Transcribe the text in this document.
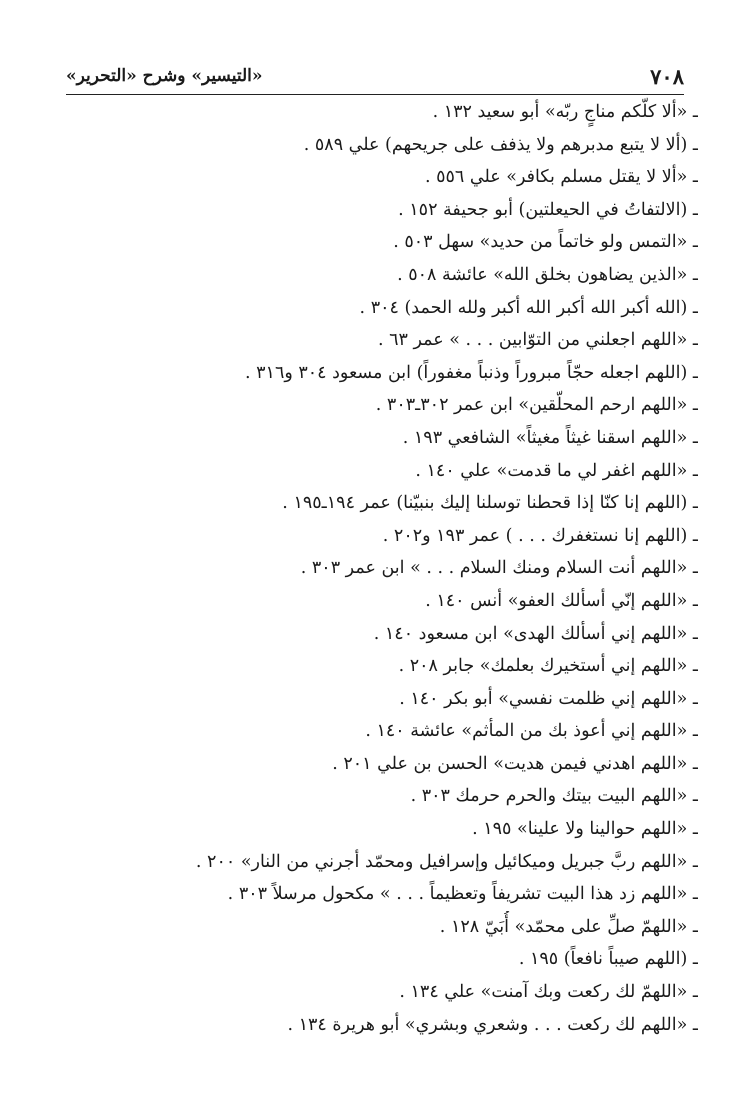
«التيسير» وشرح «التحرير»	٧٠٨
ـ «ألا كلّكم مناجٍ ربّه» أبو سعيد ١٣٢ .
ـ (ألا لا يتبع مدبرهم ولا يذفف على جريحهم) علي ٥٨٩ .
ـ «ألا لا يقتل مسلم بكافر» علي ٥٥٦ .
ـ (الالتفاتُ في الحيعلتين) أبو جحيفة ١٥٢ .
ـ «التمس ولو خاتماً من حديد» سهل ٥٠٣ .
ـ «الذين يضاهون بخلق الله» عائشة ٥٠٨ .
ـ (الله أكبر الله أكبر الله أكبر ولله الحمد) ٣٠٤ .
ـ «اللهم اجعلني من التوّابين . . . » عمر ٦٣ .
ـ (اللهم اجعله حجّاً مبروراً وذنباً مغفوراً) ابن مسعود ٣٠٤ و٣١٦ .
ـ «اللهم ارحم المحلّقين» ابن عمر ٣٠٢ـ٣٠٣ .
ـ «اللهم اسقنا غيثاً مغيثاً» الشافعي ١٩٣ .
ـ «اللهم اغفر لي ما قدمت» علي ١٤٠ .
ـ (اللهم إنا كنّا إذا قحطنا توسلنا إليك بنبيّنا) عمر ١٩٤ـ١٩٥ .
ـ (اللهم إنا نستغفرك . . . ) عمر ١٩٣ و٢٠٢ .
ـ «اللهم أنت السلام ومنك السلام . . . » ابن عمر ٣٠٣ .
ـ «اللهم إنّي أسألك العفو» أنس ١٤٠ .
ـ «اللهم إني أسألك الهدى» ابن مسعود ١٤٠ .
ـ «اللهم إني أستخيرك بعلمك» جابر ٢٠٨ .
ـ «اللهم إني ظلمت نفسي» أبو بكر ١٤٠ .
ـ «اللهم إني أعوذ بك من المأثم» عائشة ١٤٠ .
ـ «اللهم اهدني فيمن هديت» الحسن بن علي ٢٠١ .
ـ «اللهم البيت بيتك والحرم حرمك ٣٠٣ .
ـ «اللهم حوالينا ولا علينا» ١٩٥ .
ـ «اللهم ربَّ جبريل وميكائيل وإسرافيل ومحمّد أجرني من النار» ٢٠٠ .
ـ «اللهم زد هذا البيت تشريفاً وتعظيماً . . . » مكحول مرسلاً ٣٠٣ .
ـ «اللهمّ صلِّ على محمّد» أُبَيّ ١٢٨ .
ـ (اللهم صيباً نافعاً) ١٩٥ .
ـ «اللهمّ لك ركعت وبك آمنت» علي ١٣٤ .
ـ «اللهم لك ركعت . . . وشعري وبشري» أبو هريرة ١٣٤ .
